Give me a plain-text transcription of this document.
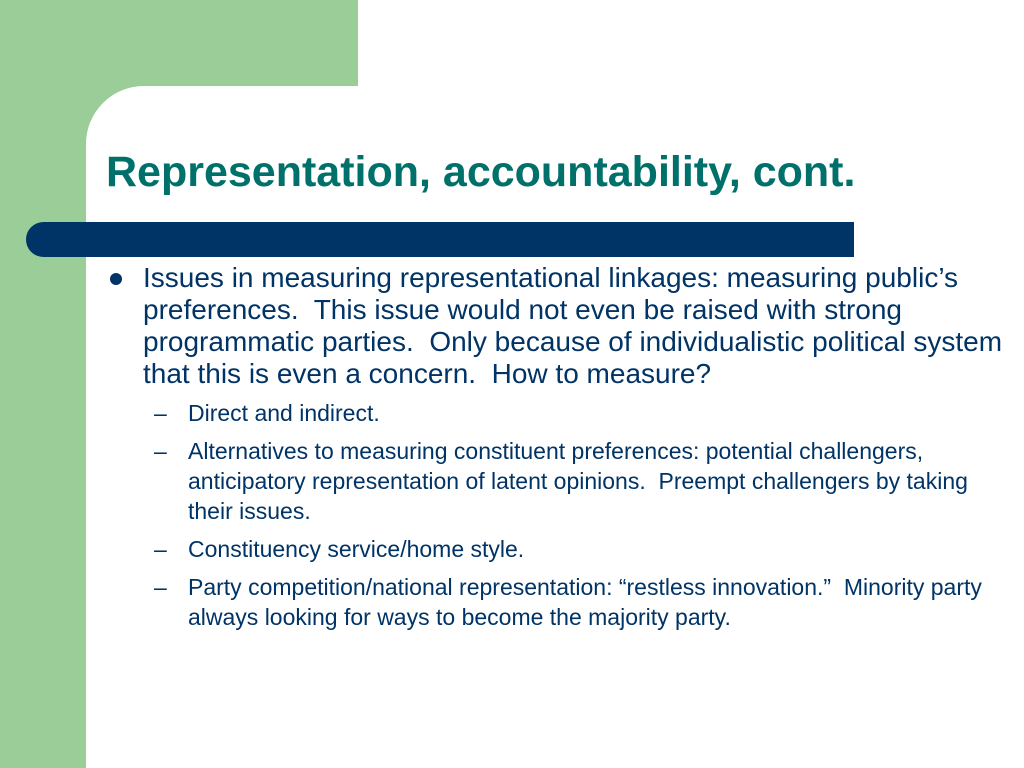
Representation, accountability, cont.
Issues in measuring representational linkages: measuring public’s preferences.  This issue would not even be raised with strong programmatic parties.  Only because of individualistic political system that this is even a concern.  How to measure?
– Direct and indirect.
– Alternatives to measuring constituent preferences: potential challengers, anticipatory representation of latent opinions.  Preempt challengers by taking their issues.
– Constituency service/home style.
– Party competition/national representation: “restless innovation.”  Minority party always looking for ways to become the majority party.
